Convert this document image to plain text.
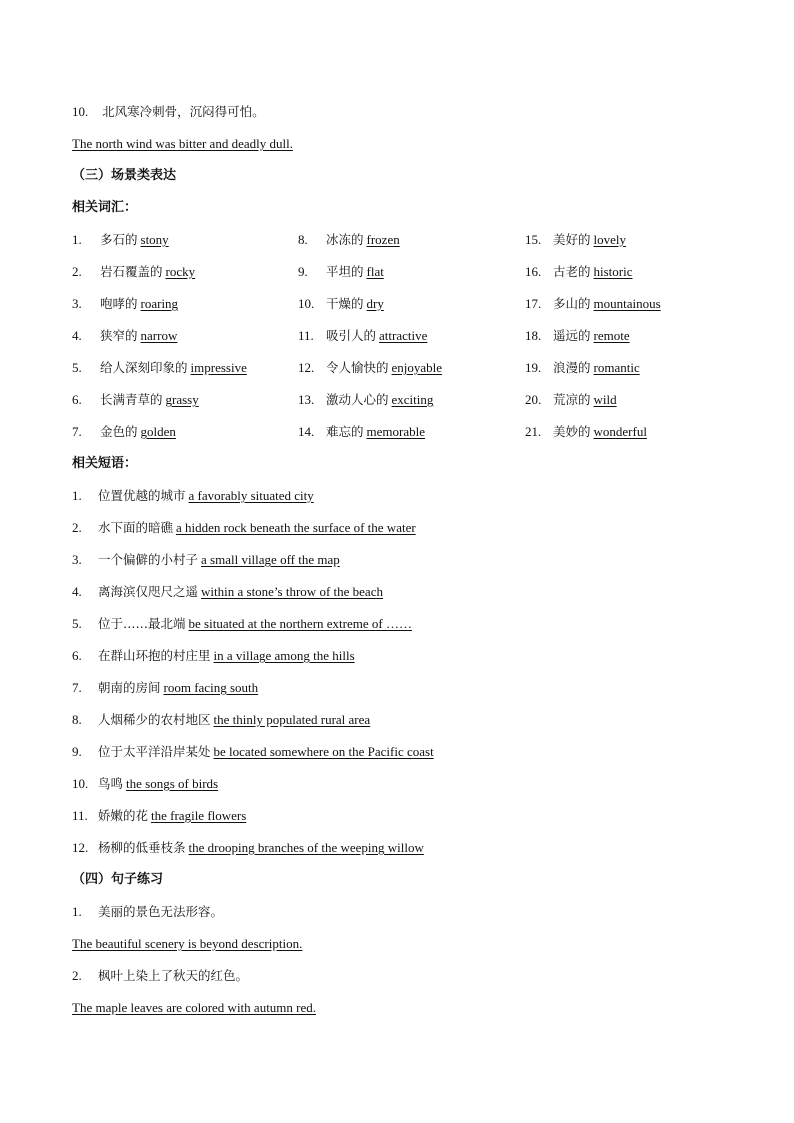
10. 北风寒冷刺骨，沉闷得可怕。
The north wind was bitter and deadly dull.
（三）场景类表达
相关词汇：
1. 多石的 stony
2. 岩石覆盖的 rocky
3. 咆哮的 roaring
4. 狭窄的 narrow
5. 给人深刻印象的 impressive
6. 长满青草的 grassy
7. 金色的 golden
8. 冰冻的 frozen
9. 平坦的 flat
10. 干燥的 dry
11. 吸引人的 attractive
12. 令人愉快的 enjoyable
13. 激动人心的 exciting
14. 难忘的 memorable
15. 美好的 lovely
16. 古老的 historic
17. 多山的 mountainous
18. 遥远的 remote
19. 浪漫的 romantic
20. 荒凉的 wild
21. 美妙的 wonderful
相关短语：
1. 位置优越的城市 a favorably situated city
2. 水下面的暗礁 a hidden rock beneath the surface of the water
3. 一个偏僻的小村子 a small village off the map
4. 离海滨仅咫尺之遥 within a stone’s throw of the beach
5. 位于……最北端 be situated at the northern extreme of ……
6. 在群山环抱的村庄里 in a village among the hills
7. 朝南的房间 room facing south
8. 人烟稀少的农村地区 the thinly populated rural area
9. 位于太平洋沿岸某处 be located somewhere on the Pacific coast
10. 鸟鸣 the songs of birds
11. 娇嫩的花 the fragile flowers
12. 杨柳的低垂枝条 the drooping branches of the weeping willow
（四）句子练习
1. 美丽的景色无法形容。
The beautiful scenery is beyond description.
2. 枫叶上染上了秋天的红色。
The maple leaves are colored with autumn red.
